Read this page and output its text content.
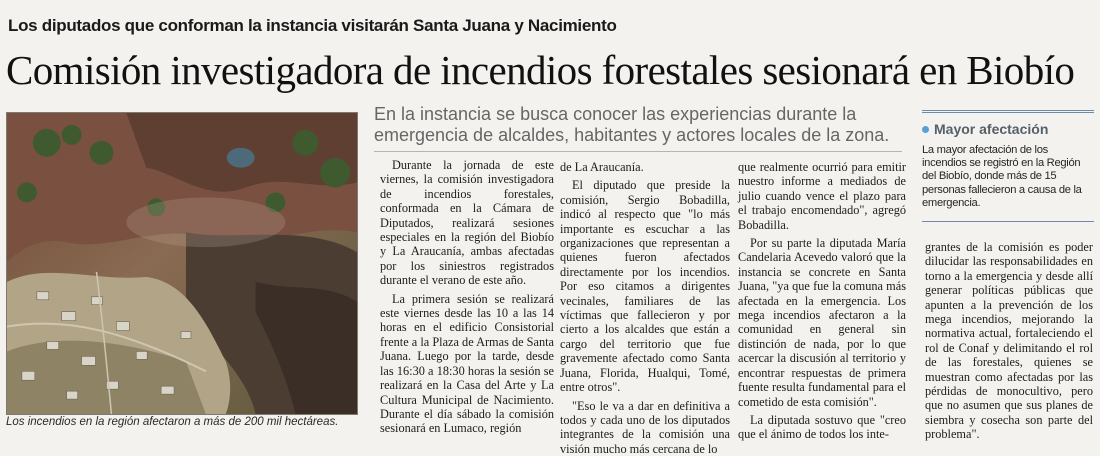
Los diputados que conforman la instancia visitarán Santa Juana y Nacimiento
Comisión investigadora de incendios forestales sesionará en Biobío
Los incendios en la región afectaron a más de 200 mil hectáreas.
En la instancia se busca conocer las experiencias durante la emergencia de alcaldes, habitantes y actores locales de la zona.

Durante la jornada de este viernes, la comisión investigadora de incendios forestales, conformada en la Cámara de Diputados, realizará sesiones especiales en la región del Biobío y La Araucanía, ambas afectadas por los siniestros registrados durante el verano de este año.

La primera sesión se realizará este viernes desde las 10 a las 14 horas en el edificio Consistorial frente a la Plaza de Armas de Santa Juana. Luego por la tarde, desde las 16:30 a 18:30 horas la sesión se realizará en la Casa del Arte y La Cultura Municipal de Nacimiento. Durante el día sábado la comisión sesionará en Lumaco, región

de La Araucanía.

El diputado que preside la comisión, Sergio Bobadilla, indicó al respecto que "lo más importante es escuchar a las organizaciones que representan a quienes fueron afectados directamente por los incendios. Por eso citamos a dirigentes vecinales, familiares de las víctimas que fallecieron y por cierto a los alcaldes que están a cargo del territorio que fue gravemente afectado como Santa Juana, Florida, Hualqui, Tomé, entre otros".

"Eso le va a dar en definitiva a todos y cada uno de los diputados integrantes de la comisión una visión mucho más cercana de lo

que realmente ocurrió para emitir nuestro informe a mediados de julio cuando vence el plazo para el trabajo encomendado", agregó Bobadilla.

Por su parte la diputada María Candelaria Acevedo valoró que la instancia se concrete en Santa Juana, "ya que fue la comuna más afectada en la emergencia. Los mega incendios afectaron a la comunidad en general sin distinción de nada, por lo que acercar la discusión al territorio y encontrar respuestas de primera fuente resulta fundamental para el cometido de esta comisión".

La diputada sostuvo que "creo que el ánimo de todos los inte-

Mayor afectación
La mayor afectación de los incendios se registró en la Región del Biobío, donde más de 15 personas fallecieron a causa de la emergencia.

grantes de la comisión es poder dilucidar las responsabilidades en torno a la emergencia y desde allí generar políticas públicas que apunten a la prevención de los mega incendios, mejorando la normativa actual, fortaleciendo el rol de Conaf y delimitando el rol de las forestales, quienes se muestran como afectadas por las pérdidas de monocultivo, pero que no asumen que sus planes de siembra y cosecha son parte del problema".
